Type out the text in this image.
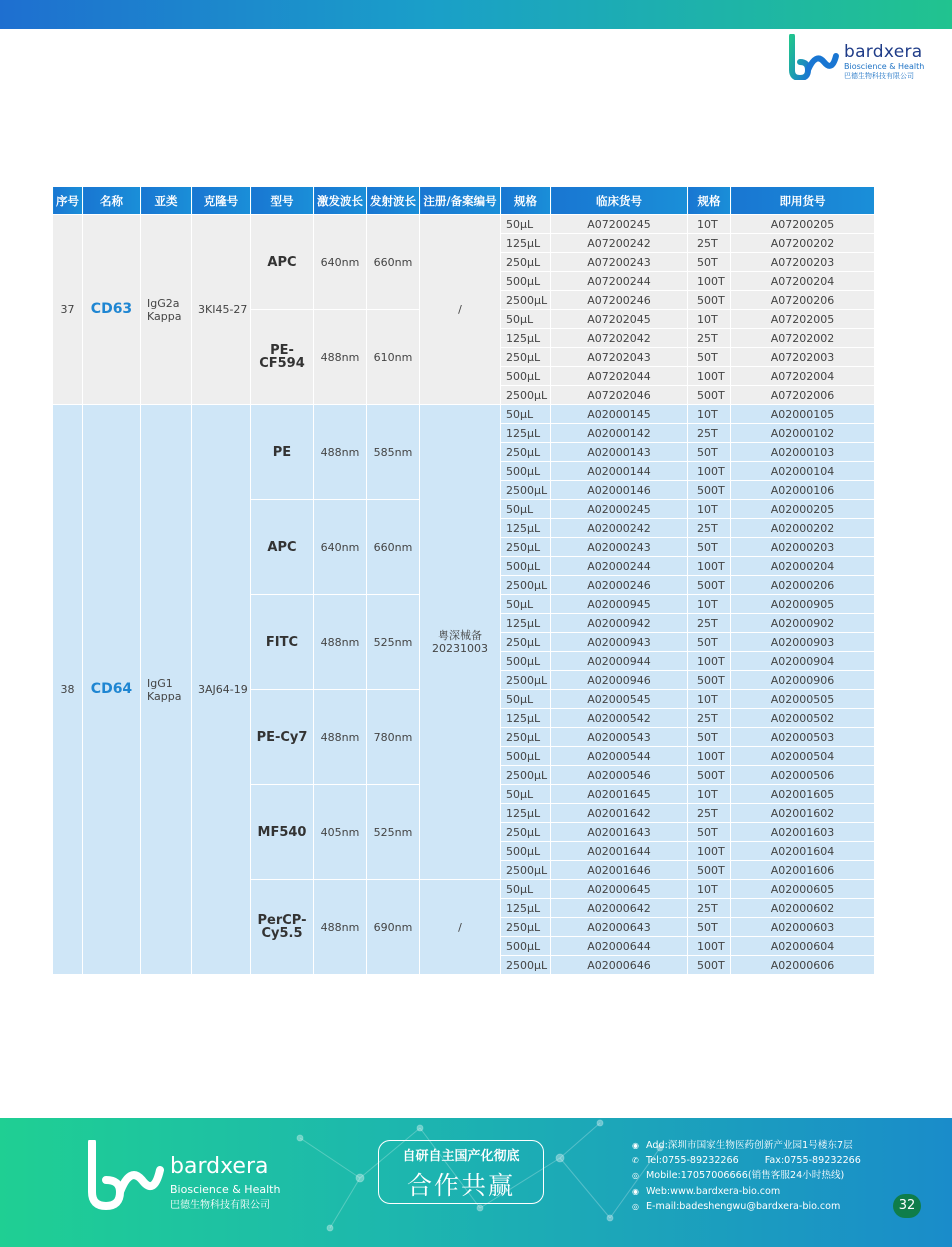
bardxera
Bioscience & Health
巴德生物科技有限公司
序号	名称	亚类	克隆号	型号	激发波长	发射波长	注册/备案编号	规格	临床货号	规格	即用货号
37	CD63	IgG2a Kappa	3KI45-27	APC	640nm	660nm	/	50μL	A07200245	10T	A07200205
								125μL	A07200242	25T	A07200202
								250μL	A07200243	50T	A07200203
								500μL	A07200244	100T	A07200204
								2500μL	A07200246	500T	A07200206
				PE-CF594	488nm	610nm		50μL	A07202045	10T	A07202005
								125μL	A07202042	25T	A07202002
								250μL	A07202043	50T	A07202003
								500μL	A07202044	100T	A07202004
								2500μL	A07202046	500T	A07202006
38	CD64	IgG1 Kappa	3AJ64-19	PE	488nm	585nm	粤深械备 20231003	50μL	A02000145	10T	A02000105
								125μL	A02000142	25T	A02000102
								250μL	A02000143	50T	A02000103
								500μL	A02000144	100T	A02000104
								2500μL	A02000146	500T	A02000106
				APC	640nm	660nm		50μL	A02000245	10T	A02000205
								125μL	A02000242	25T	A02000202
								250μL	A02000243	50T	A02000203
								500μL	A02000244	100T	A02000204
								2500μL	A02000246	500T	A02000206
				FITC	488nm	525nm		50μL	A02000945	10T	A02000905
								125μL	A02000942	25T	A02000902
								250μL	A02000943	50T	A02000903
								500μL	A02000944	100T	A02000904
								2500μL	A02000946	500T	A02000906
				PE-Cy7	488nm	780nm		50μL	A02000545	10T	A02000505
								125μL	A02000542	25T	A02000502
								250μL	A02000543	50T	A02000503
								500μL	A02000544	100T	A02000504
								2500μL	A02000546	500T	A02000506
				MF540	405nm	525nm		50μL	A02001645	10T	A02001605
								125μL	A02001642	25T	A02001602
								250μL	A02001643	50T	A02001603
								500μL	A02001644	100T	A02001604
								2500μL	A02001646	500T	A02001606
				PerCP-Cy5.5	488nm	690nm	/	50μL	A02000645	10T	A02000605
								125μL	A02000642	25T	A02000602
								250μL	A02000643	50T	A02000603
								500μL	A02000644	100T	A02000604
								2500μL	A02000646	500T	A02000606
bardxera
Bioscience & Health
巴德生物科技有限公司
自研自主国产化彻底
合作共赢
◉ Add:深圳市国家生物医药创新产业园1号楼东7层
✆ Tel:0755-89232266	Fax:0755-89232266
◎ Mobile:17057006666(销售客服24小时热线)
◉ Web:www.bardxera-bio.com
◎ E-mail:badeshengwu@bardxera-bio.com	32
